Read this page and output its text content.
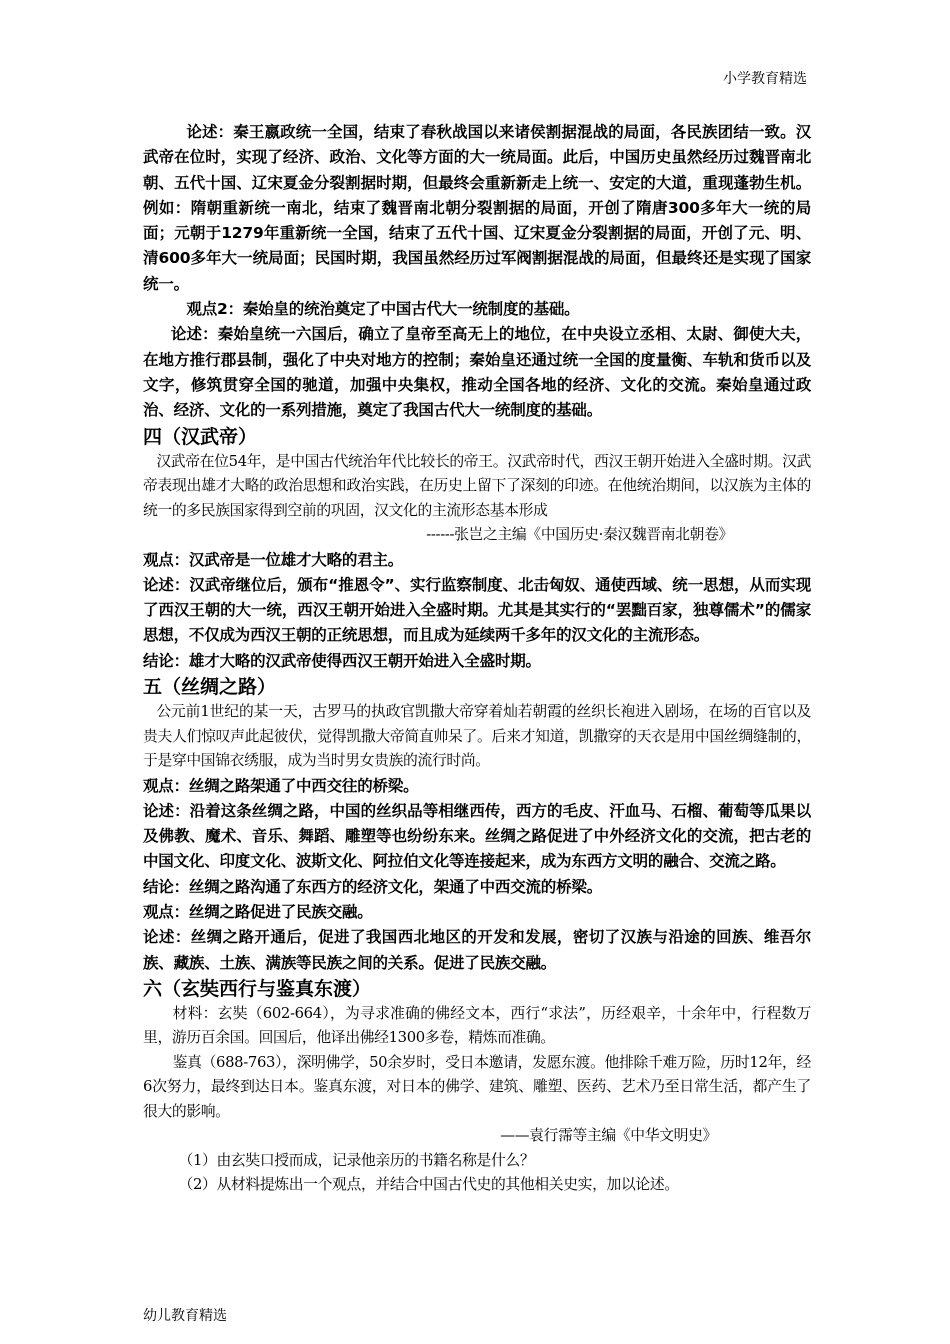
小学教育精选

论述：秦王嬴政统一全国，结束了春秋战国以来诸侯割据混战的局面，各民族团结一致。汉武帝在位时，实现了经济、政治、文化等方面的大一统局面。此后，中国历史虽然经历过魏晋南北朝、五代十国、辽宋夏金分裂割据时期，但最终会重新新走上统一、安定的大道，重现蓬勃生机。例如：隋朝重新统一南北，结束了魏晋南北朝分裂割据的局面，开创了隋唐300多年大一统的局面；元朝于1279年重新统一全国，结束了五代十国、辽宋夏金分裂割据的局面，开创了元、明、清600多年大一统局面；民国时期，我国虽然经历过军阀割据混战的局面，但最终还是实现了国家统一。

观点2：秦始皇的统治奠定了中国古代大一统制度的基础。

论述：秦始皇统一六国后，确立了皇帝至高无上的地位，在中央设立丞相、太尉、御使大夫，在地方推行郡县制，强化了中央对地方的控制；秦始皇还通过统一全国的度量衡、车轨和货币以及文字，修筑贯穿全国的驰道，加强中央集权，推动全国各地的经济、文化的交流。秦始皇通过政治、经济、文化的一系列措施，奠定了我国古代大一统制度的基础。

四（汉武帝）

汉武帝在位54年，是中国古代统治年代比较长的帝王。汉武帝时代，西汉王朝开始进入全盛时期。汉武帝表现出雄才大略的政治思想和政治实践，在历史上留下了深刻的印迹。在他统治期间，以汉族为主体的统一的多民族国家得到空前的巩固，汉文化的主流形态基本形成

------张岂之主编《中国历史·秦汉魏晋南北朝卷》

观点：汉武帝是一位雄才大略的君主。

论述：汉武帝继位后，颁布“推恩令”、实行监察制度、北击匈奴、通使西域、统一思想，从而实现了西汉王朝的大一统，西汉王朝开始进入全盛时期。尤其是其实行的“罢黜百家，独尊儒术”的儒家思想，不仅成为西汉王朝的正统思想，而且成为延续两千多年的汉文化的主流形态。

结论：雄才大略的汉武帝使得西汉王朝开始进入全盛时期。

五（丝绸之路）

公元前1世纪的某一天，古罗马的执政官凯撒大帝穿着灿若朝霞的丝织长袍进入剧场，在场的百官以及贵夫人们惊叹声此起彼伏，觉得凯撒大帝简直帅呆了。后来才知道，凯撒穿的天衣是用中国丝绸缝制的，于是穿中国锦衣绣服，成为当时男女贵族的流行时尚。

观点：丝绸之路架通了中西交往的桥梁。

论述：沿着这条丝绸之路，中国的丝织品等相继西传，西方的毛皮、汗血马、石榴、葡萄等瓜果以及佛教、魔术、音乐、舞蹈、雕塑等也纷纷东来。丝绸之路促进了中外经济文化的交流，把古老的中国文化、印度文化、波斯文化、阿拉伯文化等连接起来，成为东西方文明的融合、交流之路。

结论：丝绸之路沟通了东西方的经济文化，架通了中西交流的桥梁。

观点：丝绸之路促进了民族交融。

论述：丝绸之路开通后，促进了我国西北地区的开发和发展，密切了汉族与沿途的回族、维吾尔族、藏族、土族、满族等民族之间的关系。促进了民族交融。

六（玄奘西行与鉴真东渡）

材料：玄奘（602-664），为寻求准确的佛经文本，西行“求法”，历经艰辛，十余年中，行程数万里，游历百余国。回国后，他译出佛经1300多卷，精炼而准确。

鉴真（688-763），深明佛学，50余岁时，受日本邀请，发愿东渡。他排除千难万险，历时12年，经6次努力，最终到达日本。鉴真东渡，对日本的佛学、建筑、雕塑、医药、艺术乃至日常生活，都产生了很大的影响。

——袁行霈等主编《中华文明史》

（1）由玄奘口授而成，记录他亲历的书籍名称是什么？

（2）从材料提炼出一个观点，并结合中国古代史的其他相关史实，加以论述。

幼儿教育精选
